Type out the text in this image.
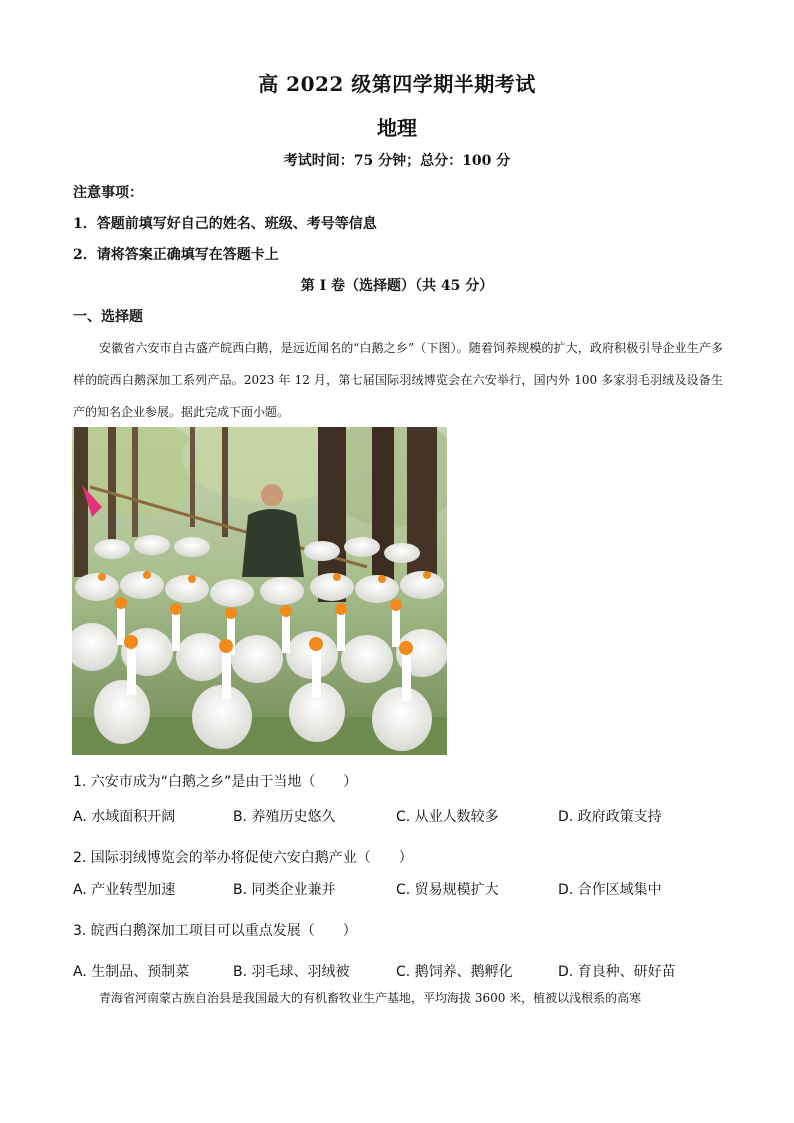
高 2022 级第四学期半期考试
地理
考试时间：75 分钟；总分：100 分
注意事项：
1．答题前填写好自己的姓名、班级、考号等信息
2．请将答案正确填写在答题卡上
第 I 卷（选择题）（共 45 分）
一、选择题

安徽省六安市自古盛产皖西白鹅，是远近闻名的“白鹅之乡”（下图）。随着饲养规模的扩大，政府积极引导企业生产多样的皖西白鹅深加工系列产品。2023 年 12 月，第七届国际羽绒博览会在六安举行，国内外 100 多家羽毛羽绒及设备生产的知名企业参展。据此完成下面小题。

1. 六安市成为“白鹅之乡”是由于当地（　　）
A. 水域面积开阔	B. 养殖历史悠久	C. 从业人数较多	D. 政府政策支持
2. 国际羽绒博览会的举办将促使六安白鹅产业（　　）
A. 产业转型加速	B. 同类企业兼并	C. 贸易规模扩大	D. 合作区域集中
3. 皖西白鹅深加工项目可以重点发展（　　）
A. 生制品、预制菜	B. 羽毛球、羽绒被	C. 鹅饲养、鹅孵化	D. 育良种、研好苗

青海省河南蒙古族自治县是我国最大的有机畜牧业生产基地，平均海拔 3600 米，植被以浅根系的高寒
